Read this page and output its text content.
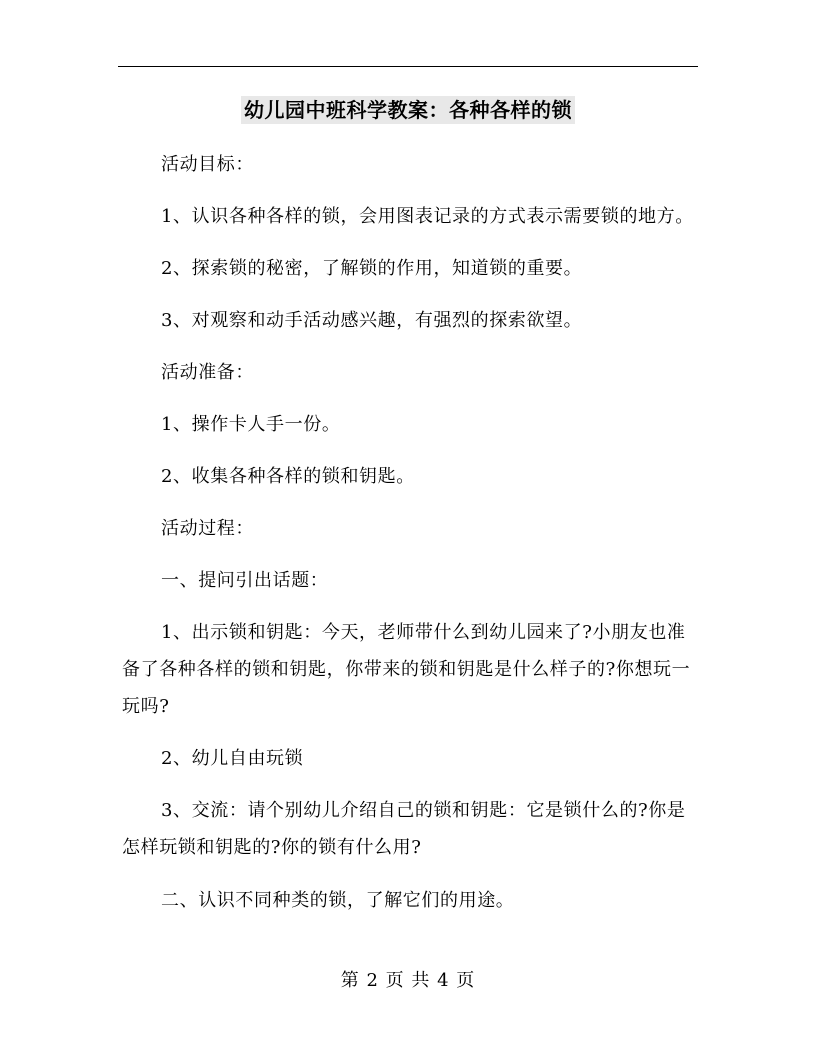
幼儿园中班科学教案：各种各样的锁

活动目标：

1、认识各种各样的锁，会用图表记录的方式表示需要锁的地方。

2、探索锁的秘密，了解锁的作用，知道锁的重要。

3、对观察和动手活动感兴趣，有强烈的探索欲望。

活动准备：

1、操作卡人手一份。

2、收集各种各样的锁和钥匙。

活动过程：

一、提问引出话题：

1、出示锁和钥匙：今天，老师带什么到幼儿园来了?小朋友也准备了各种各样的锁和钥匙，你带来的锁和钥匙是什么样子的?你想玩一玩吗?

2、幼儿自由玩锁

3、交流：请个别幼儿介绍自己的锁和钥匙：它是锁什么的?你是怎样玩锁和钥匙的?你的锁有什么用?

二、认识不同种类的锁，了解它们的用途。

第 2 页 共 4 页
